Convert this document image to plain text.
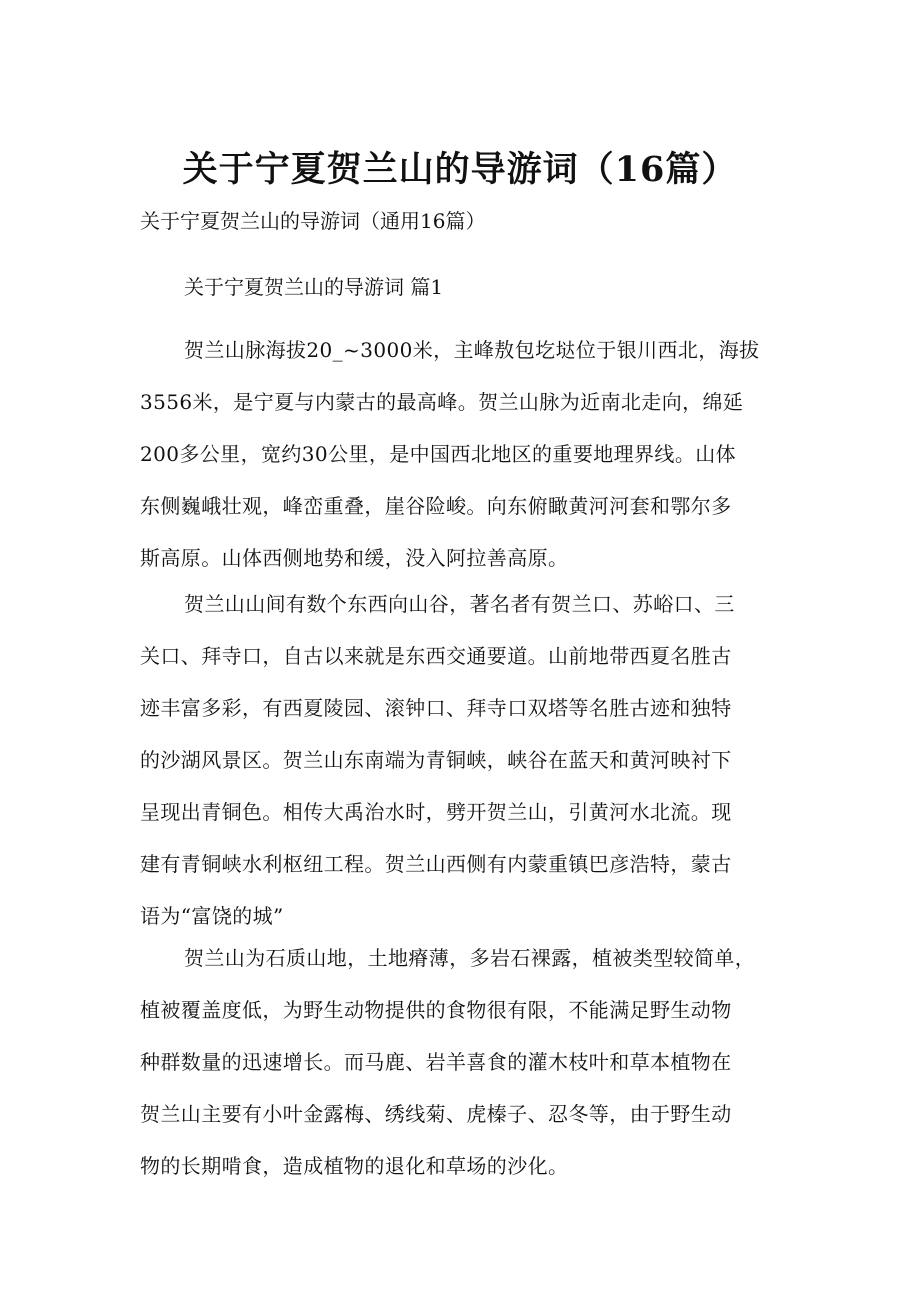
关于宁夏贺兰山的导游词（16篇）
关于宁夏贺兰山的导游词（通用16篇）
关于宁夏贺兰山的导游词 篇1
贺兰山脉海拔20_~3000米，主峰敖包圪垯位于银川西北，海拔
3556米，是宁夏与内蒙古的最高峰。贺兰山脉为近南北走向，绵延
200多公里，宽约30公里，是中国西北地区的重要地理界线。山体
东侧巍峨壮观，峰峦重叠，崖谷险峻。向东俯瞰黄河河套和鄂尔多
斯高原。山体西侧地势和缓，没入阿拉善高原。
贺兰山山间有数个东西向山谷，著名者有贺兰口、苏峪口、三
关口、拜寺口，自古以来就是东西交通要道。山前地带西夏名胜古
迹丰富多彩，有西夏陵园、滚钟口、拜寺口双塔等名胜古迹和独特
的沙湖风景区。贺兰山东南端为青铜峡，峡谷在蓝天和黄河映衬下
呈现出青铜色。相传大禹治水时，劈开贺兰山，引黄河水北流。现
建有青铜峡水利枢纽工程。贺兰山西侧有内蒙重镇巴彦浩特，蒙古
语为“富饶的城”
贺兰山为石质山地，土地瘠薄，多岩石裸露，植被类型较简单，
植被覆盖度低，为野生动物提供的食物很有限，不能满足野生动物
种群数量的迅速增长。而马鹿、岩羊喜食的灌木枝叶和草本植物在
贺兰山主要有小叶金露梅、绣线菊、虎榛子、忍冬等，由于野生动
物的长期啃食，造成植物的退化和草场的沙化。
